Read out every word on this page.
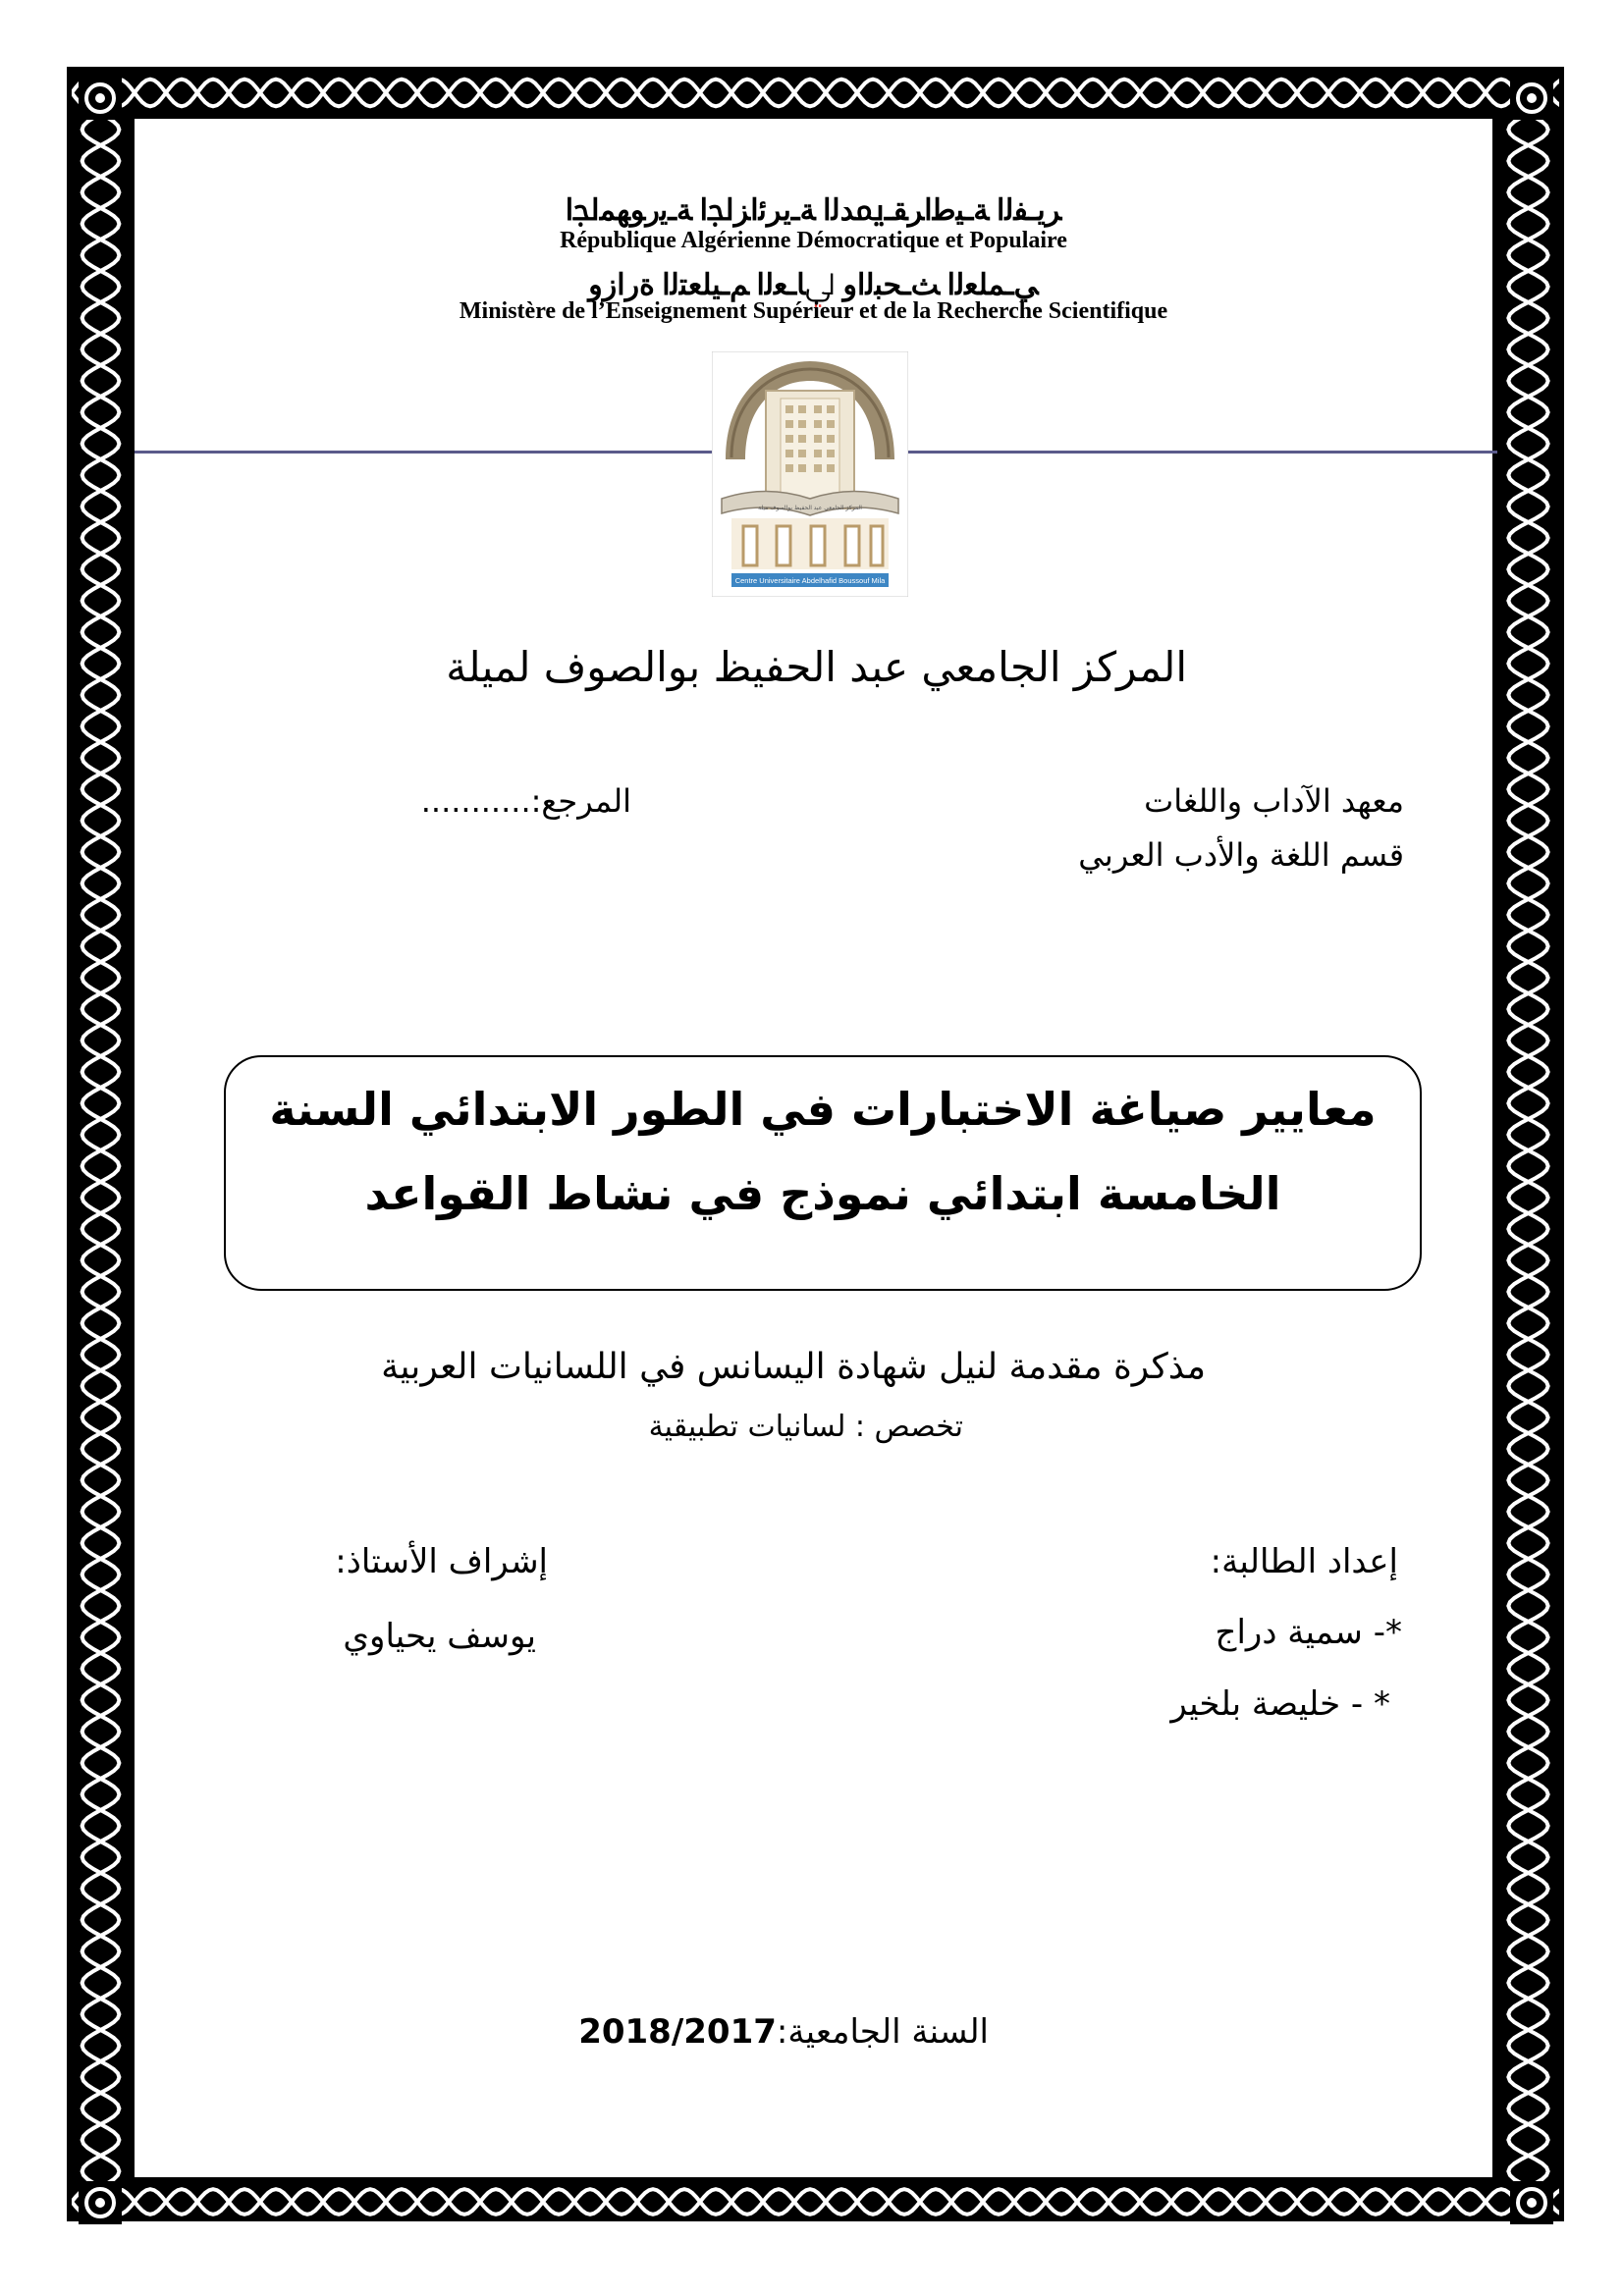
ﺮﻳـﻔﻟﺍ ﺔـﻴﻃﺍﺮﻘـﳝﺪﻟﺍ ﺔـﻳﺮﺋﺍﺰﳉﺍ ﺔـﻳﺭﻮﻬﻤﳉﺍ
République Algérienne Démocratique et Populaire
ﻲـﻤﻠﻌﻟﺍ ﺚـﺤﺒﻟﺍﻭ ﱄﺎـﻌﻟﺍ ﻢـﻴﻠﻌﺘﻟﺍ ﺓﺭﺍﺯﻭ
Ministère de l’Enseignement Supérieur et de la Recherche Scientifique
المركز الجامعي عبد الحفيظ بوالصوف ميلة
Centre Universitaire Abdelhafid Boussouf Mila
المركز الجامعي عبد الحفيظ بوالصوف لميلة
معهد الآداب واللغات
المرجع:...........
قسم اللغة والأدب العربي
معايير صياغة الاختبارات في الطور الابتدائي السنة
الخامسة ابتدائي نموذج في نشاط القواعد
مذكرة مقدمة لنيل شهادة اليسانس في اللسانيات العربية
تخصص : لسانيات تطبيقية
إعداد الطالبة:
إشراف الأستاذ:
*- سمية دراج
يوسف يحياوي
* - خليصة بلخير
السنة الجامعية:2018/2017
